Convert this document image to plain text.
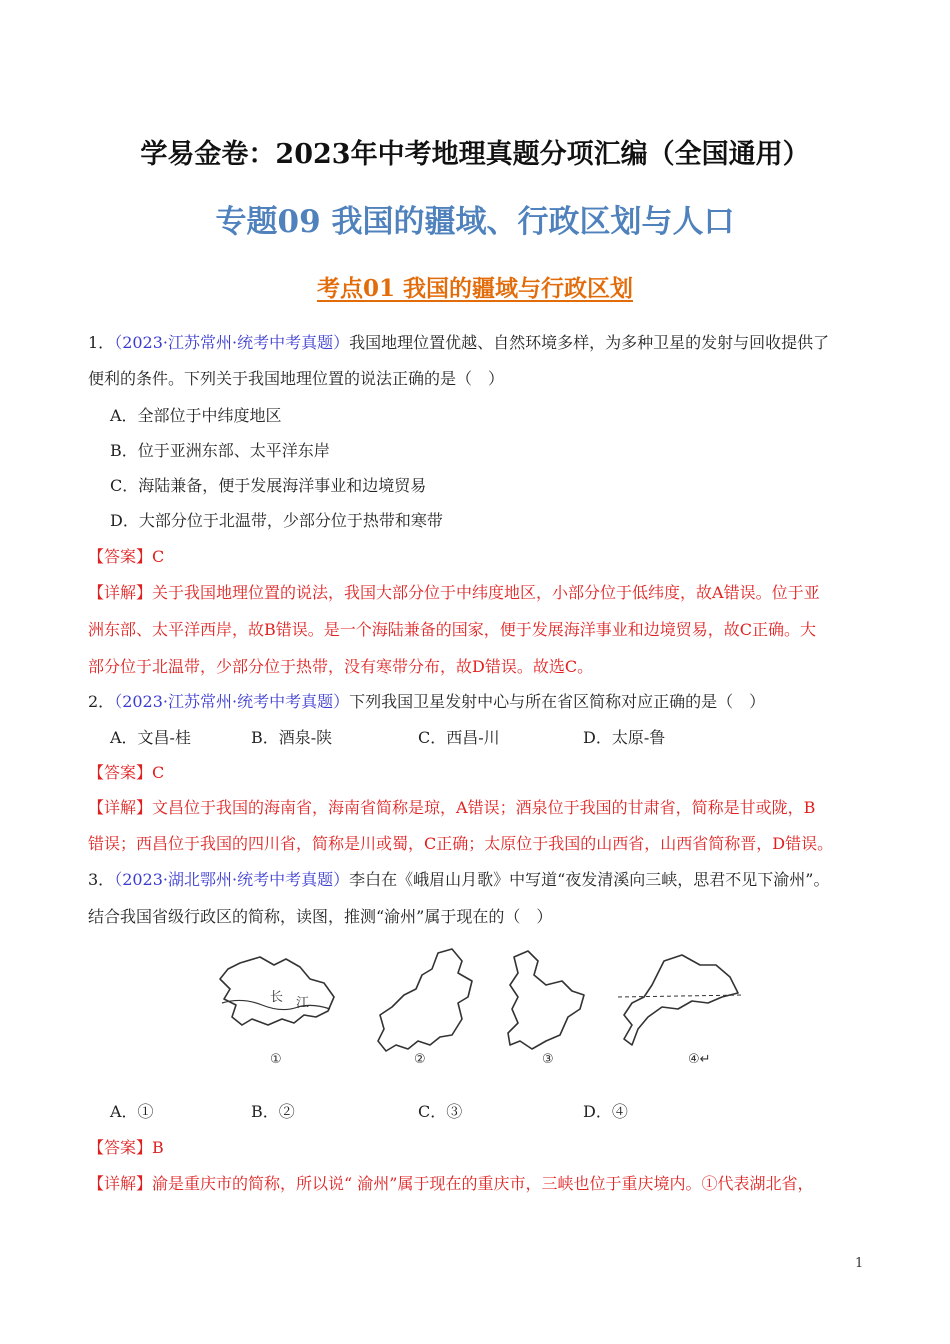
学易金卷：2023年中考地理真题分项汇编（全国通用）
专题09 我国的疆域、行政区划与人口
考点01 我国的疆域与行政区划
1．（2023·江苏常州·统考中考真题）我国地理位置优越、自然环境多样，为多种卫星的发射与回收提供了
便利的条件。下列关于我国地理位置的说法正确的是（　）
A．全部位于中纬度地区
B．位于亚洲东部、太平洋东岸
C．海陆兼备，便于发展海洋事业和边境贸易
D．大部分位于北温带，少部分位于热带和寒带
【答案】C
【详解】关于我国地理位置的说法，我国大部分位于中纬度地区，小部分位于低纬度，故A错误。位于亚
洲东部、太平洋西岸，故B错误。是一个海陆兼备的国家，便于发展海洋事业和边境贸易，故C正确。大
部分位于北温带，少部分位于热带，没有寒带分布，故D错误。故选C。
2．（2023·江苏常州·统考中考真题）下列我国卫星发射中心与所在省区简称对应正确的是（　）
A．文昌-桂	B．酒泉-陕	C．西昌-川	D．太原-鲁
【答案】C
【详解】文昌位于我国的海南省，海南省简称是琼，A错误；酒泉位于我国的甘肃省，简称是甘或陇，B
错误；西昌位于我国的四川省，简称是川或蜀，C正确；太原位于我国的山西省，山西省简称晋，D错误。
3．（2023·湖北鄂州·统考中考真题）李白在《峨眉山月歌》中写道“夜发清溪向三峡，思君不见下渝州”。
结合我国省级行政区的简称，读图，推测“渝州”属于现在的（　）
长 江
①	②	③	④↵
A．①	B．②	C．③	D．④
【答案】B
【详解】渝是重庆市的简称，所以说“ 渝州”属于现在的重庆市，三峡也位于重庆境内。①代表湖北省，
1
